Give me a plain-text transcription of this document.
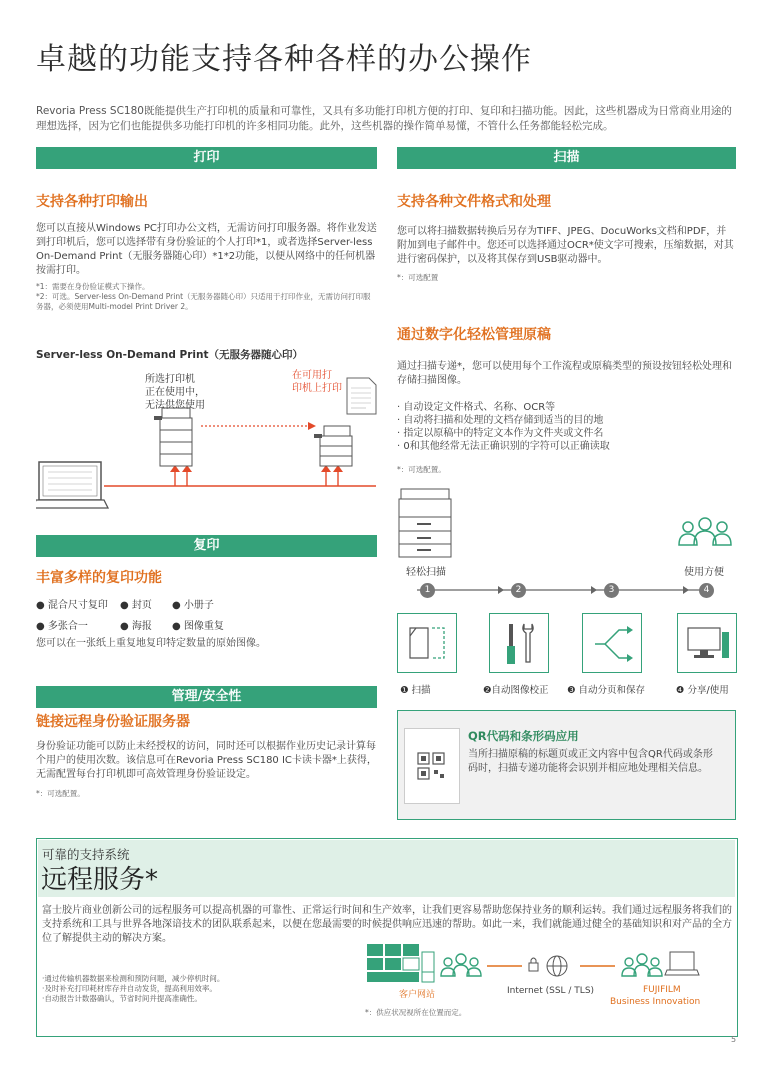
卓越的功能支持各种各样的办公操作
Revoria Press SC180既能提供生产打印机的质量和可靠性，又具有多功能打印机方便的打印、复印和扫描功能。因此，这些机器成为日常商业用途的理想选择，因为它们也能提供多功能打印机的许多相同功能。此外，这些机器的操作简单易懂，不管什么任务都能轻松完成。
打印
支持各种打印输出
您可以直接从Windows PC打印办公文档，无需访问打印服务器。将作业发送到打印机后，您可以选择带有身份验证的个人打印*1，或者选择Server-less On-Demand Print（无服务器随心印）*1*2功能，以便从网络中的任何机器按需打印。
*1：需要在身份验证模式下操作。
*2：可选。Server-less On-Demand Print（无服务器随心印）只适用于打印作业，无需访问打印服务器，必须使用Multi-model Print Driver 2。
Server-less On-Demand Print（无服务器随心印）
所选打印机
正在使用中，
无法供您使用
在可用打
印机上打印
复印
丰富多样的复印功能
● 混合尺寸复印	● 封页	● 小册子
● 多张合一	● 海报	● 图像重复
您可以在一张纸上重复地复印特定数量的原始图像。
管理/安全性
链接远程身份验证服务器
身份验证功能可以防止未经授权的访问，同时还可以根据作业历史记录计算每个用户的使用次数。该信息可在Revoria Press SC180 IC卡读卡器*上获得，无需配置每台打印机即可高效管理身份验证设定。
*：可选配置。
扫描
支持各种文件格式和处理
您可以将扫描数据转换后另存为TIFF、JPEG、DocuWorks文档和PDF，并附加到电子邮件中。您还可以选择通过OCR*使文字可搜索，压缩数据，对其进行密码保护，以及将其保存到USB驱动器中。
*：可选配置
通过数字化轻松管理原稿
通过扫描专递*，您可以使用每个工作流程或原稿类型的预设按钮轻松处理和存储扫描图像。
· 自动设定文件格式、名称、OCR等
· 自动将扫描和处理的文档存储到适当的目的地
· 指定以原稿中的特定文本作为文件夹或文件名
· 0和其他经常无法正确识别的字符可以正确读取
*：可选配置。
轻松扫描	使用方便
1	2	3	4
❶ 扫描	❷自动图像校正 ❸ 自动分页和保存	❹ 分享/使用
QR代码和条形码应用
当所扫描原稿的标题页或正文内容中包含QR代码或条形码时，扫描专递功能将会识别并相应地处理相关信息。
可靠的支持系统
远程服务*
富士胶片商业创新公司的远程服务可以提高机器的可靠性、正常运行时间和生产效率，让我们更容易帮助您保持业务的顺利运转。我们通过远程服务将我们的支持系统和工具与世界各地深谙技术的团队联系起来，以便在您最需要的时候提供响应迅速的帮助。如此一来，我们就能通过健全的基础知识和对产品的全方位了解提供主动的解决方案。
·通过传输机器数据来检测和预防问题，减少停机时间。
·及时补充打印耗材库存并自动发货，提高利用效率。
·自动报告计数器确认，节省时间并提高准确性。	客户网站	Internet (SSL / TLS)	FUJIFILM
Business Innovation
*：供应状况视所在位置而定。
5
